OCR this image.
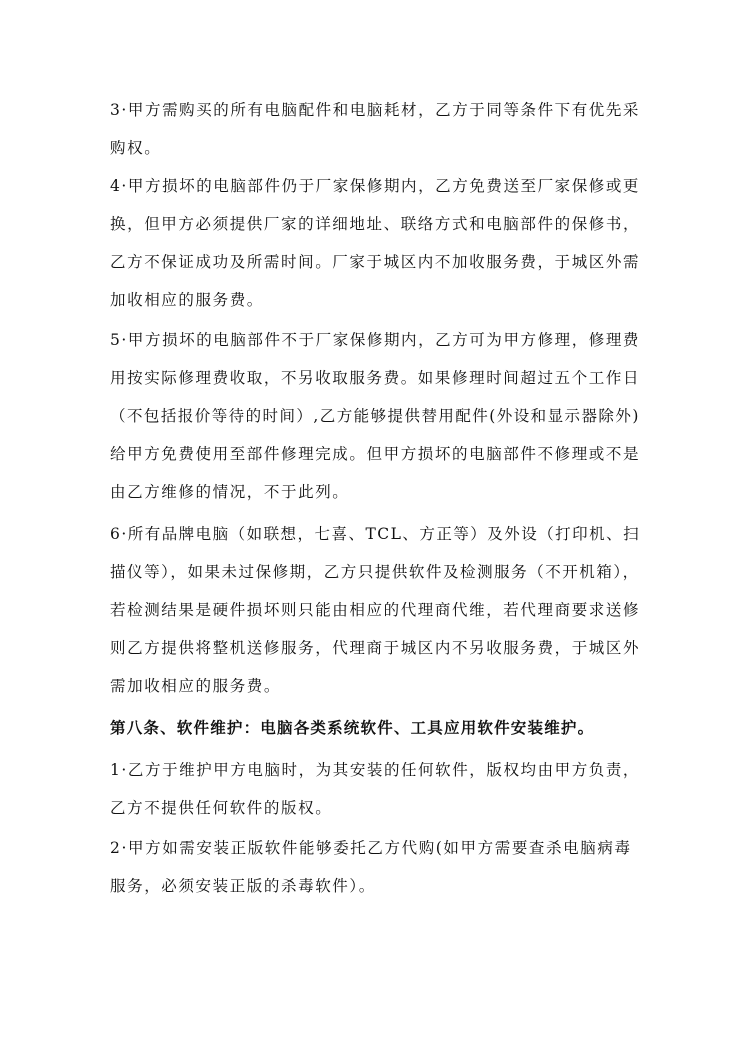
3·甲方需购买的所有电脑配件和电脑耗材，乙方于同等条件下有优先采
购权。
4·甲方损坏的电脑部件仍于厂家保修期内，乙方免费送至厂家保修或更
换，但甲方必须提供厂家的详细地址、联络方式和电脑部件的保修书，
乙方不保证成功及所需时间。厂家于城区内不加收服务费，于城区外需
加收相应的服务费。
5·甲方损坏的电脑部件不于厂家保修期内，乙方可为甲方修理，修理费
用按实际修理费收取，不另收取服务费。如果修理时间超过五个工作日
（不包括报价等待的时间）,乙方能够提供替用配件(外设和显示器除外)
给甲方免费使用至部件修理完成。但甲方损坏的电脑部件不修理或不是
由乙方维修的情况，不于此列。
6·所有品牌电脑（如联想，七喜、TCL、方正等）及外设（打印机、扫
描仪等），如果未过保修期，乙方只提供软件及检测服务（不开机箱），
若检测结果是硬件损坏则只能由相应的代理商代维，若代理商要求送修
则乙方提供将整机送修服务，代理商于城区内不另收服务费，于城区外
需加收相应的服务费。
第八条、软件维护：电脑各类系统软件、工具应用软件安装维护。
1·乙方于维护甲方电脑时，为其安装的任何软件，版权均由甲方负责，
乙方不提供任何软件的版权。
2·甲方如需安装正版软件能够委托乙方代购(如甲方需要查杀电脑病毒
服务，必须安装正版的杀毒软件）。
